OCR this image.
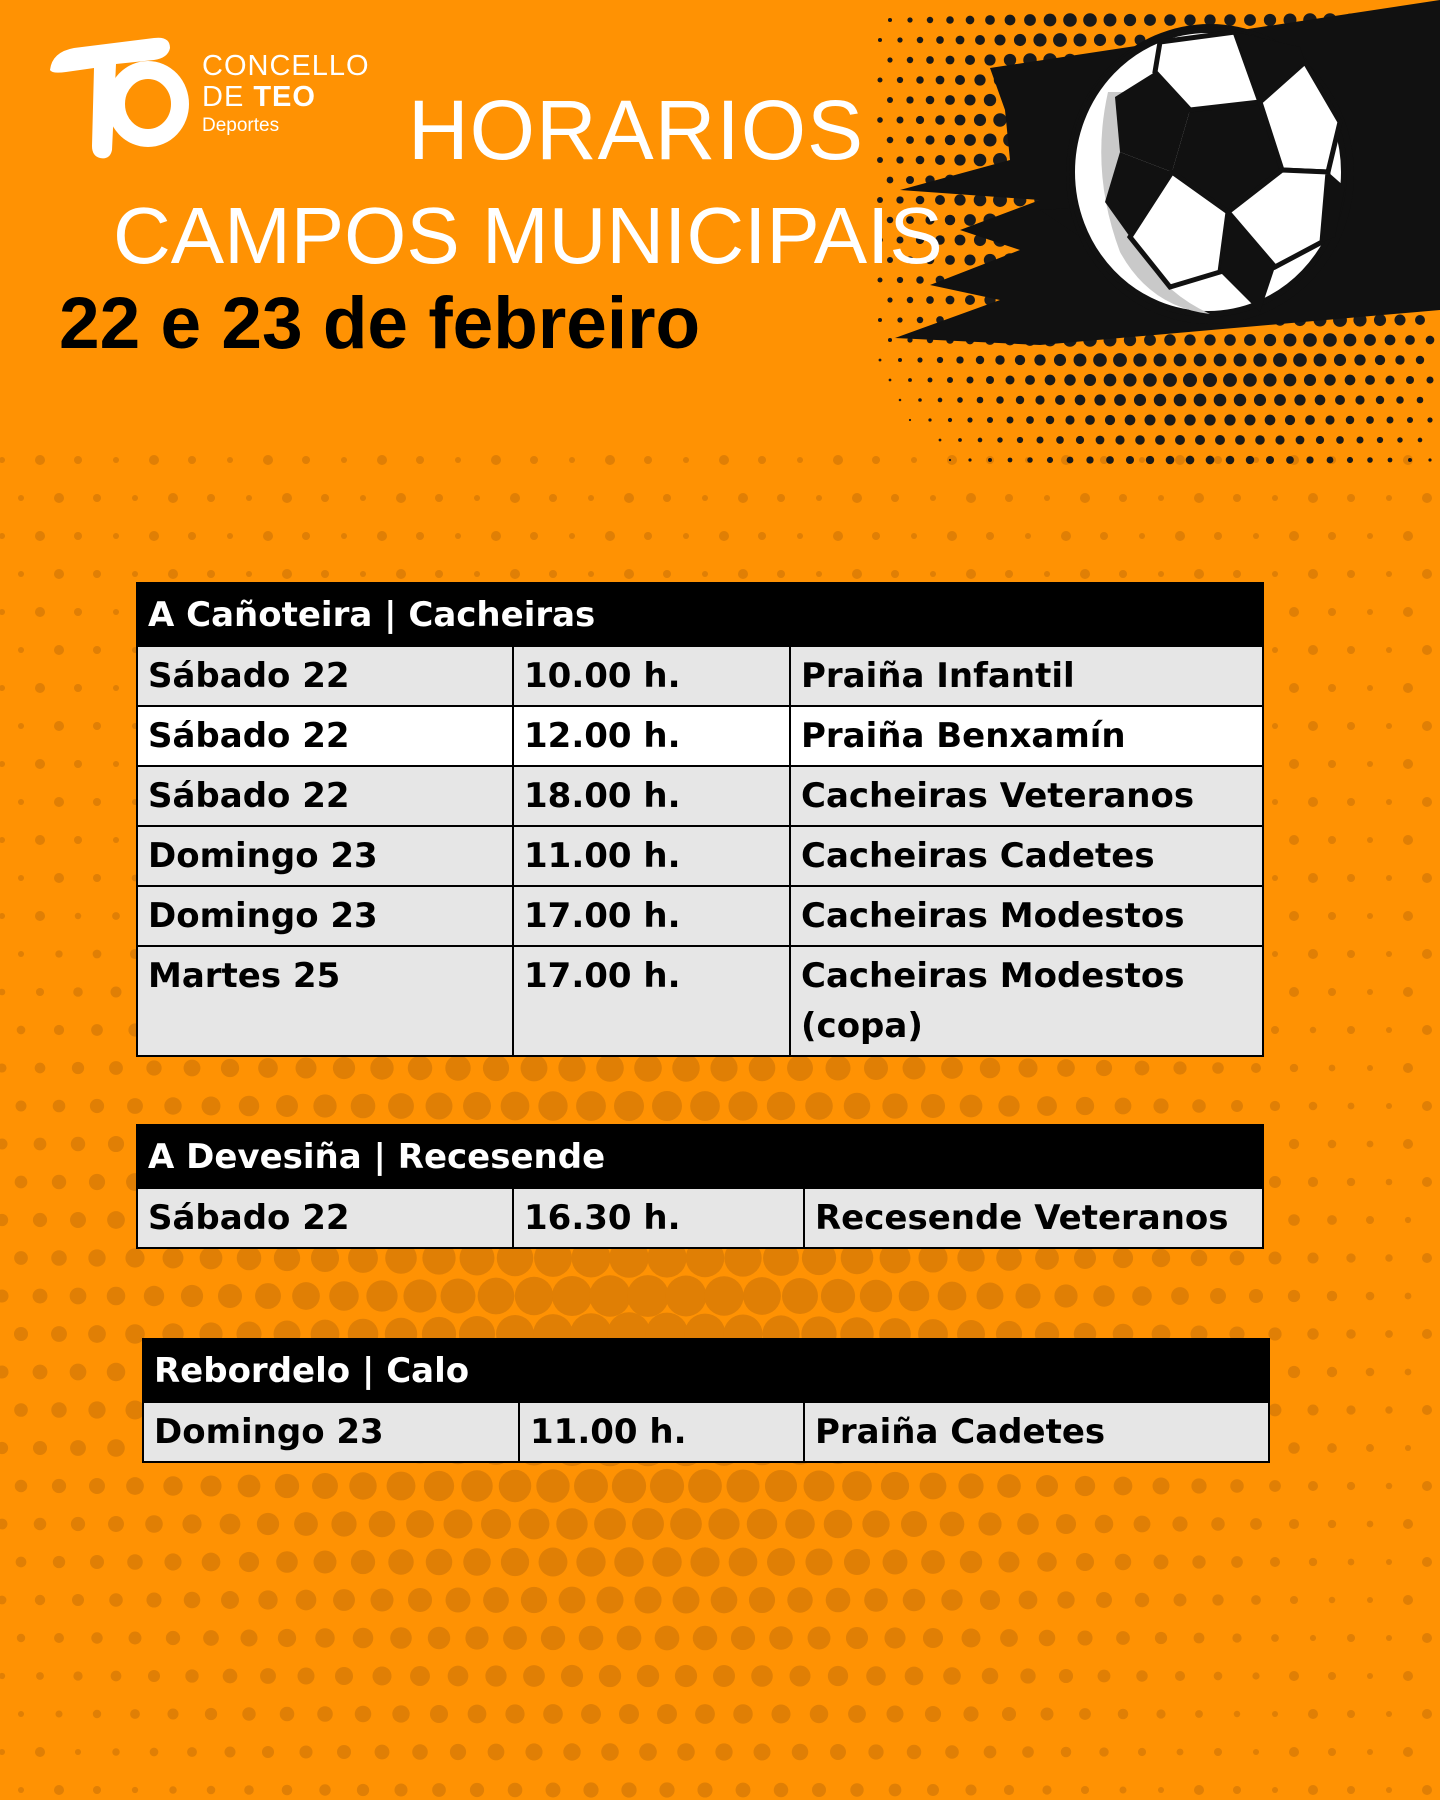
CONCELLO
DE TEO
Deportes	HORARIOS
CAMPOS MUNICIPAIS
22 e 23 de febreiro
A Cañoteira | Cacheiras		
Sábado 22	10.00 h.	Praiña Infantil
Sábado 22	12.00 h.	Praiña Benxamín
Sábado 22	18.00 h.	Cacheiras Veteranos
Domingo 23	11.00 h.	Cacheiras Cadetes
Domingo 23	17.00 h.	Cacheiras Modestos
Martes 25	17.00 h.	Cacheiras Modestos (copa)
A Devesiña | Recesende
Sábado 22	16.30 h.	Recesende Veteranos
Rebordelo | Calo
Domingo 23	11.00 h.	Praiña Cadetes
